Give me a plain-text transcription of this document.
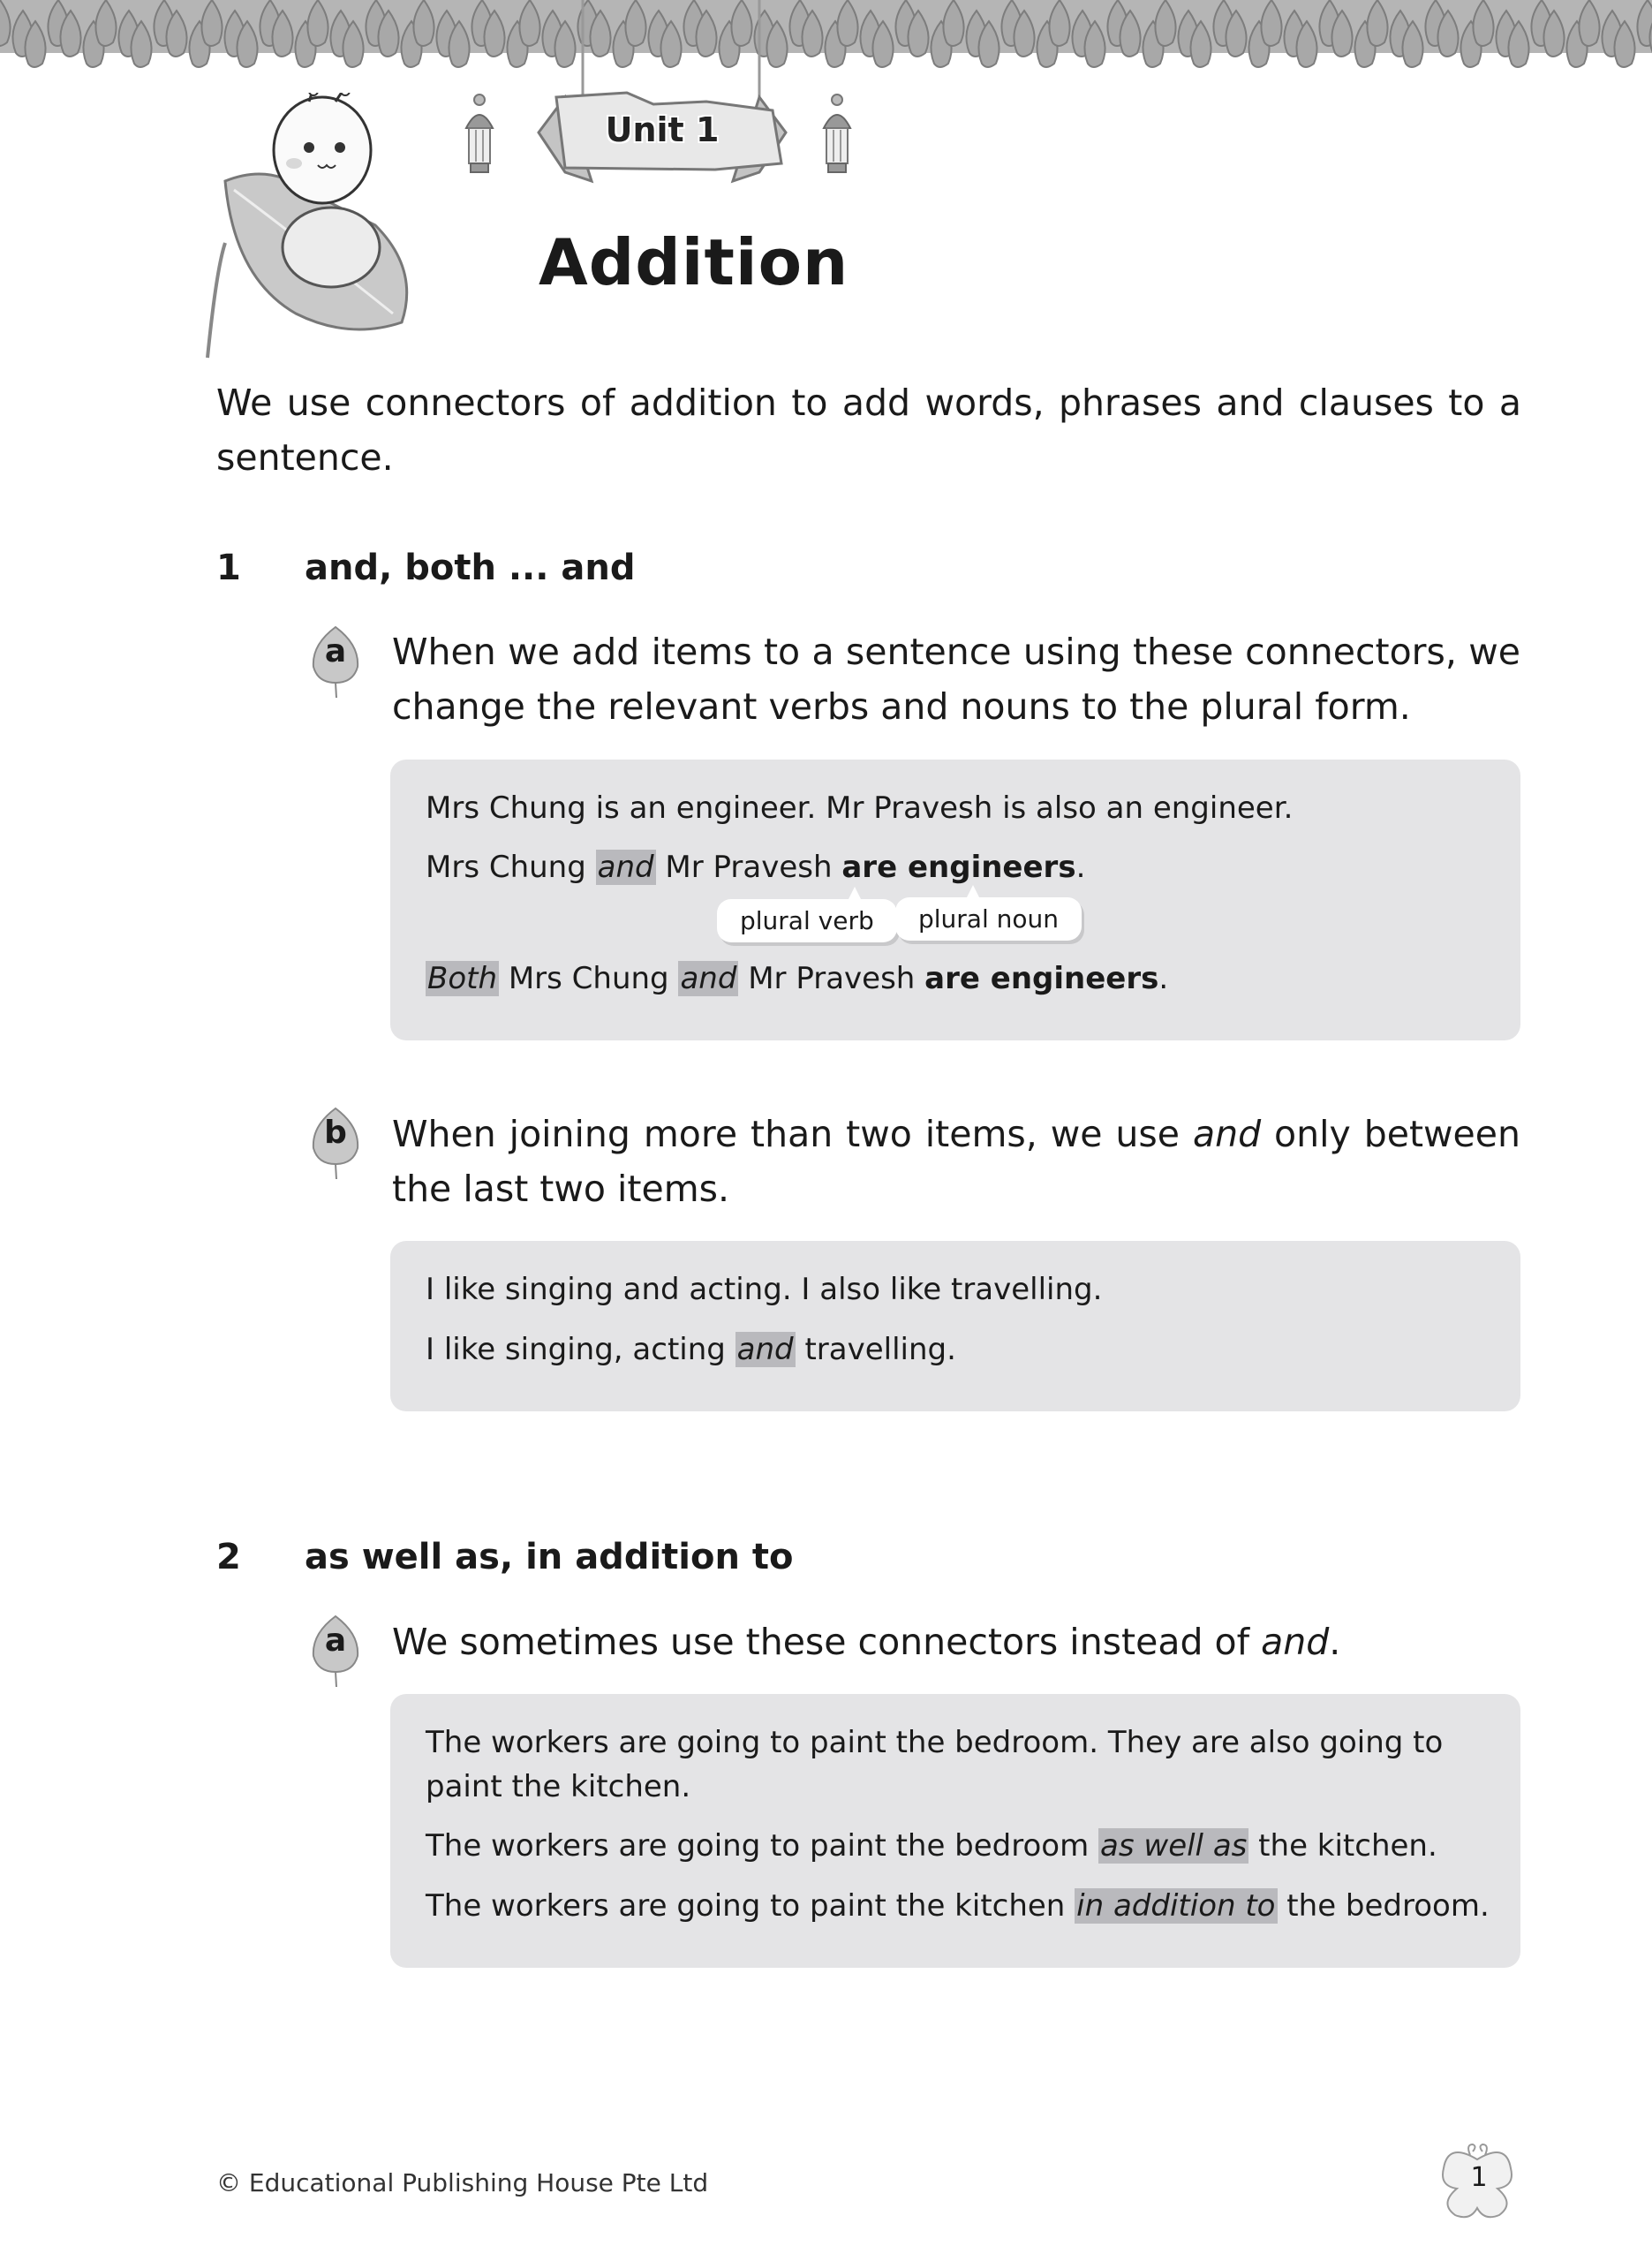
Unit 1
Addition

We use connectors of addition to add words, phrases and clauses to a sentence.

1 and, both ... and
a	When we add items to a sentence using these connectors, we change the relevant verbs and nouns to the plural form.

Mrs Chung is an engineer. Mr Pravesh is also an engineer.
Mrs Chung and Mr Pravesh are engineers.
plural verb	plural noun
Both Mrs Chung and Mr Pravesh are engineers.
b	When joining more than two items, we use and only between the last two items.

I like singing and acting. I also like travelling.
I like singing, acting and travelling.
2 as well as, in addition to
a	We sometimes use these connectors instead of and.

The workers are going to paint the bedroom. They are also going to
paint the kitchen.
The workers are going to paint the bedroom as well as the kitchen.
The workers are going to paint the kitchen in addition to the bedroom.
© Educational Publishing House Pte Ltd	1
